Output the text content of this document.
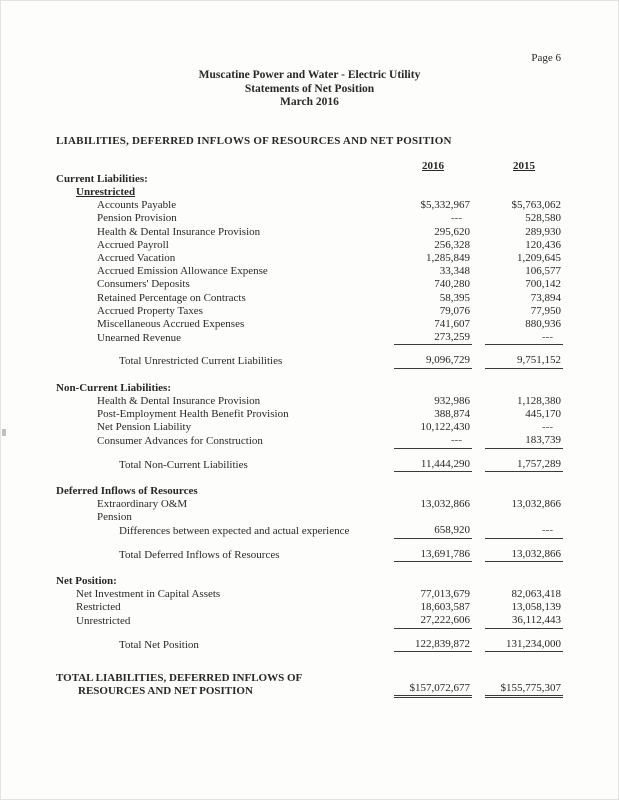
Page 6
Muscatine Power and Water - Electric Utility
Statements of Net Position
March 2016
LIABILITIES, DEFERRED INFLOWS OF RESOURCES AND NET POSITION
2016	2015
Current Liabilities:
Unrestricted
Accounts Payable	$5,332,967	$5,763,062
Pension Provision	---	528,580
Health & Dental Insurance Provision	295,620	289,930
Accrued Payroll	256,328	120,436
Accrued Vacation	1,285,849	1,209,645
Accrued Emission Allowance Expense	33,348	106,577
Consumers' Deposits	740,280	700,142
Retained Percentage on Contracts	58,395	73,894
Accrued Property Taxes	79,076	77,950
Miscellaneous Accrued Expenses	741,607	880,936
Unearned Revenue	273,259	---
Total Unrestricted Current Liabilities	9,096,729	9,751,152
Non-Current Liabilities:
Health & Dental Insurance Provision	932,986	1,128,380
Post-Employment Health Benefit Provision	388,874	445,170
Net Pension Liability	10,122,430	---
Consumer Advances for Construction	---	183,739
Total Non-Current Liabilities	11,444,290	1,757,289
Deferred Inflows of Resources
Extraordinary O&M	13,032,866	13,032,866
Pension
Differences between expected and actual experience	658,920	---
Total Deferred Inflows of Resources	13,691,786	13,032,866
Net Position:
Net Investment in Capital Assets	77,013,679	82,063,418
Restricted	18,603,587	13,058,139
Unrestricted	27,222,606	36,112,443
Total Net Position	122,839,872	131,234,000
TOTAL LIABILITIES, DEFERRED INFLOWS OF
RESOURCES AND NET POSITION	$157,072,677	$155,775,307
